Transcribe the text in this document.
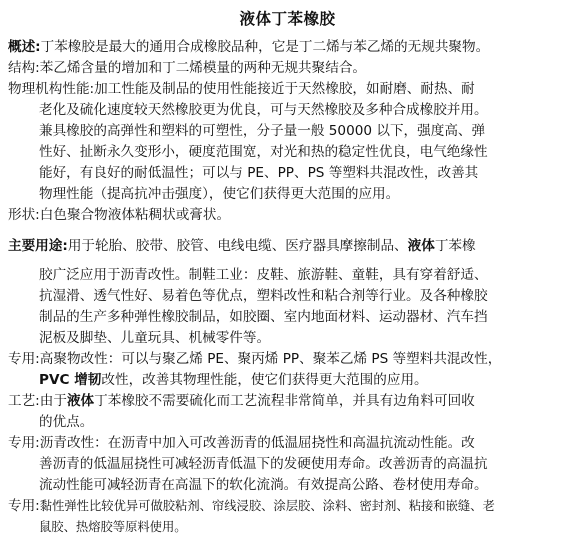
液体丁苯橡胶

概述:丁苯橡胶是最大的通用合成橡胶品种，它是丁二烯与苯乙烯的无规共聚物。

结构:苯乙烯含量的增加和丁二烯模量的两种无规共聚结合。

物理机构性能:加工性能及制品的使用性能接近于天然橡胶，如耐磨、耐热、耐

老化及硫化速度较天然橡胶更为优良，可与天然橡胶及多种合成橡胶并用。

兼具橡胶的高弹性和塑料的可塑性，分子量一般 50000 以下，强度高、弹

性好、扯断永久变形小，硬度范围宽，对光和热的稳定性优良，电气绝缘性

能好，有良好的耐低温性；可以与 PE、PP、PS 等塑料共混改性，改善其

物理性能（提高抗冲击强度），使它们获得更大范围的应用。

形状:白色聚合物液体粘稠状或膏状。

主要用途:用于轮胎、胶带、胶管、电线电缆、医疗器具摩擦制品、液体丁苯橡

胶广泛应用于沥青改性。制鞋工业：皮鞋、旅游鞋、童鞋，具有穿着舒适、

抗湿滑、透气性好、易着色等优点，塑料改性和粘合剂等行业。及各种橡胶

制品的生产多种弹性橡胶制品，如胶圈、室内地面材料、运动器材、汽车挡

泥板及脚垫、儿童玩具、机械零件等。

专用:高聚物改性：可以与聚乙烯 PE、聚丙烯 PP、聚苯乙烯 PS 等塑料共混改性，

PVC 增韧改性，改善其物理性能，使它们获得更大范围的应用。

工艺:由于液体丁苯橡胶不需要硫化而工艺流程非常简单，并具有边角料可回收

的优点。

专用:沥青改性：在沥青中加入可改善沥青的低温屈挠性和高温抗流动性能。改

善沥青的低温屈挠性可减轻沥青低温下的发硬使用寿命。改善沥青的高温抗

流动性能可减轻沥青在高温下的软化流淌。有效提高公路、卷材使用寿命。

专用:黏性弹性比较优异可做胶粘剂、帘线浸胶、涂层胶、涂料、密封剂、粘接和嵌缝、老

鼠胶、热熔胶等原料使用。
